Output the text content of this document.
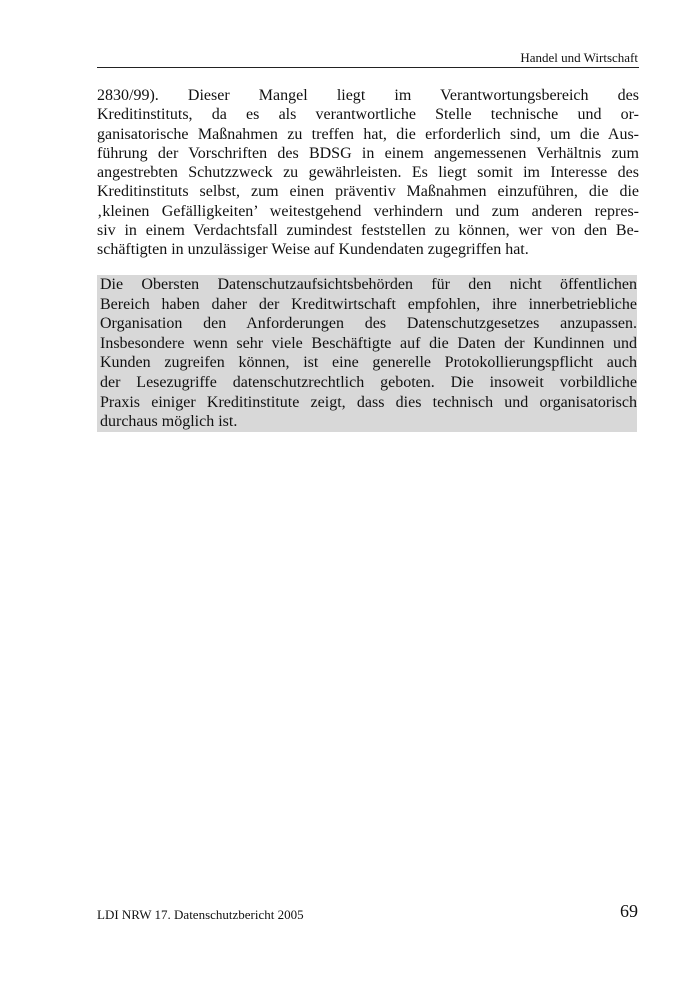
Handel und Wirtschaft

2830/99). Dieser Mangel liegt im Verantwortungsbereich des
Kreditinstituts, da es als verantwortliche Stelle technische und or-
ganisatorische Maßnahmen zu treffen hat, die erforderlich sind, um die Aus-
führung der Vorschriften des BDSG in einem angemessenen Verhältnis zum
angestrebten Schutzzweck zu gewährleisten. Es liegt somit im Interesse des
Kreditinstituts selbst, zum einen präventiv Maßnahmen einzuführen, die die
‚kleinen Gefälligkeiten’ weitestgehend verhindern und zum anderen repres-
siv in einem Verdachtsfall zumindest feststellen zu können, wer von den Be-
schäftigten in unzulässiger Weise auf Kundendaten zugegriffen hat.

Die Obersten Datenschutzaufsichtsbehörden für den nicht öffentlichen
Bereich haben daher der Kreditwirtschaft empfohlen, ihre innerbetriebliche
Organisation den Anforderungen des Datenschutzgesetzes anzupassen.
Insbesondere wenn sehr viele Beschäftigte auf die Daten der Kundinnen und
Kunden zugreifen können, ist eine generelle Protokollierungspflicht auch
der Lesezugriffe datenschutzrechtlich geboten. Die insoweit vorbildliche
Praxis einiger Kreditinstitute zeigt, dass dies technisch und organisatorisch
durchaus möglich ist.

LDI NRW 17. Datenschutzbericht 2005	69
